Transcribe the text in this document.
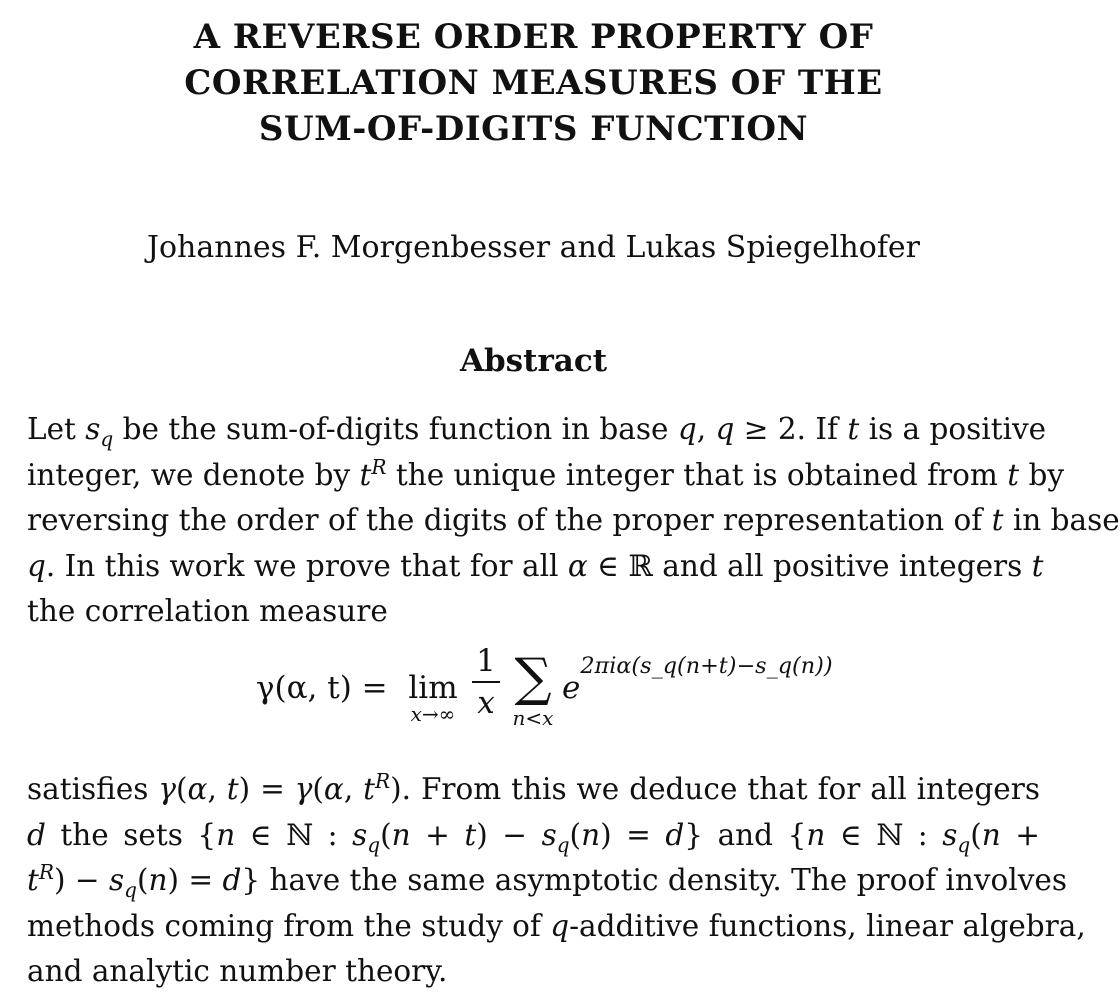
A REVERSE ORDER PROPERTY OF
CORRELATION MEASURES OF THE
SUM-OF-DIGITS FUNCTION

Johannes F. Morgenbesser and Lukas Spiegelhofer

Abstract
Let $s_q$ be the sum-of-digits function in base q, q ≥ 2. If t is a positive
integer, we denote by $t^R$ the unique integer that is obtained from t by
reversing the order of the digits of the proper representation of t in base
q. In this work we prove that for all α ∈ ℝ and all positive integers t
the correlation measure
γ(α, t) = lim
x→∞
1
x ∑
n<x
$e^{2\pi i\alpha(s\_q(n+t)-s\_q(n))}$
satisfies γ(α, t) = γ(α, $t^R$). From this we deduce that for all integers
d the sets {n ∈ ℕ : $s_q(n + t) - s_q(n) = d$} and {n ∈ ℕ : $s_q(n$ +
$t^R) - s_q(n) = d$} have the same asymptotic density. The proof involves
methods coming from the study of q-additive functions, linear algebra,
and analytic number theory.
